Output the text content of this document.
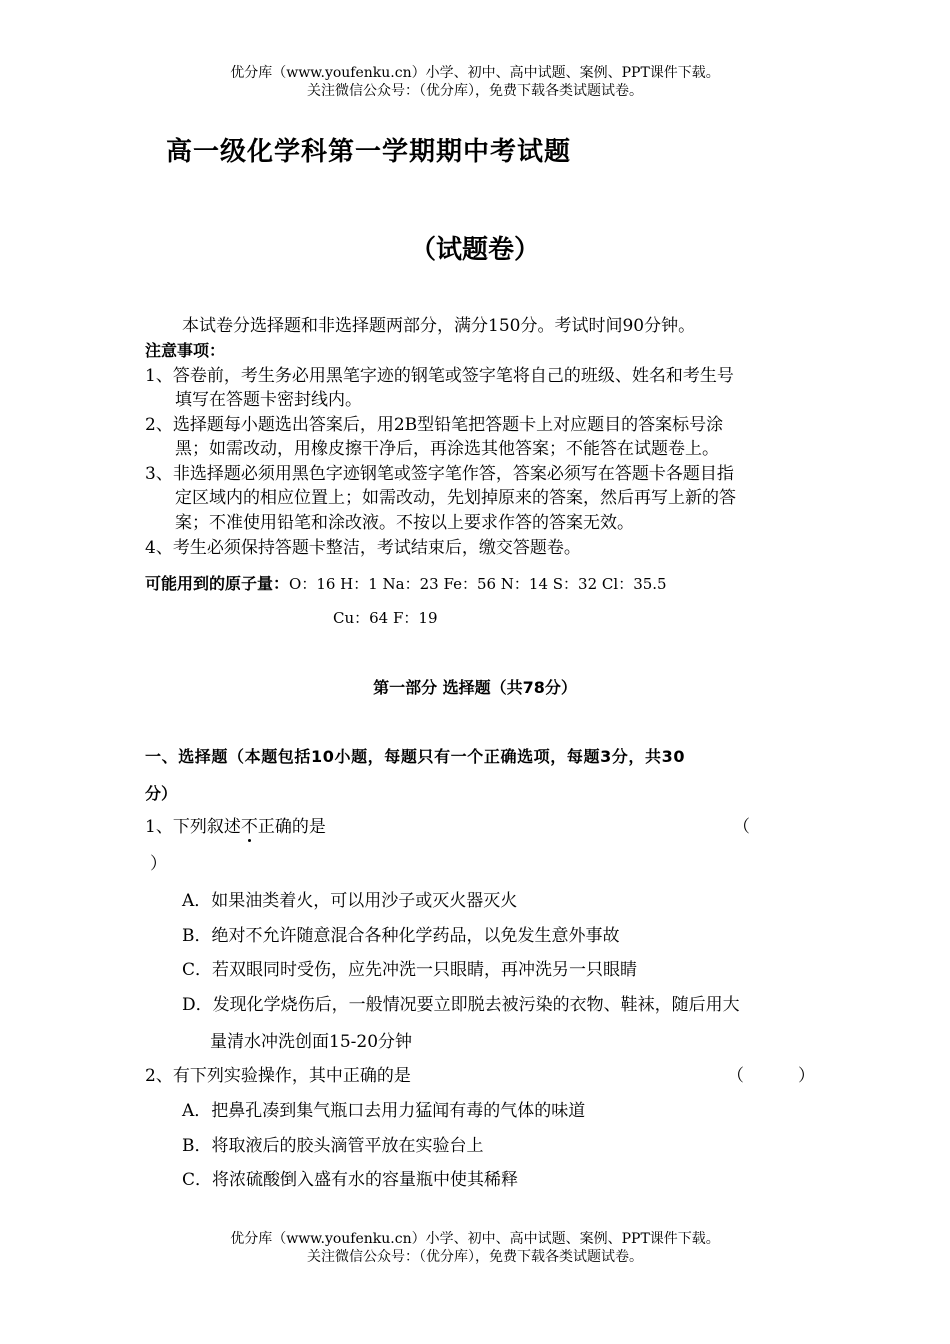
优分库（www.youfenku.cn）小学、初中、高中试题、案例、PPT课件下载。
关注微信公众号：（优分库），免费下载各类试题试卷。
高一级化学科第一学期期中考试题
（试题卷）
本试卷分选择题和非选择题两部分，满分150分。考试时间90分钟。
注意事项：
1、答卷前，考生务必用黑笔字迹的钢笔或签字笔将自己的班级、姓名和考生号
填写在答题卡密封线内。
2、选择题每小题选出答案后，用2B型铅笔把答题卡上对应题目的答案标号涂
黑；如需改动，用橡皮擦干净后，再涂选其他答案；不能答在试题卷上。
3、非选择题必须用黑色字迹钢笔或签字笔作答，答案必须写在答题卡各题目指
定区域内的相应位置上；如需改动，先划掉原来的答案，然后再写上新的答
案；不准使用铅笔和涂改液。不按以上要求作答的答案无效。
4、考生必须保持答题卡整洁，考试结束后，缴交答题卷。
可能用到的原子量：O：16 H：1 Na：23 Fe：56 N：14 S：32 Cl：35.5
Cu：64 F：19
第一部分 选择题（共78分）
一、选择题（本题包括10小题，每题只有一个正确选项，每题3分，共30
分）
1、下列叙述不正确的是	（
）
A．如果油类着火，可以用沙子或灭火器灭火
B．绝对不允许随意混合各种化学药品，以免发生意外事故
C．若双眼同时受伤，应先冲洗一只眼睛，再冲洗另一只眼睛
D．发现化学烧伤后，一般情况要立即脱去被污染的衣物、鞋袜，随后用大
量清水冲洗创面15-20分钟
2、有下列实验操作，其中正确的是	（          ）
A．把鼻孔凑到集气瓶口去用力猛闻有毒的气体的味道
B．将取液后的胶头滴管平放在实验台上
C．将浓硫酸倒入盛有水的容量瓶中使其稀释
优分库（www.youfenku.cn）小学、初中、高中试题、案例、PPT课件下载。
关注微信公众号：（优分库），免费下载各类试题试卷。
